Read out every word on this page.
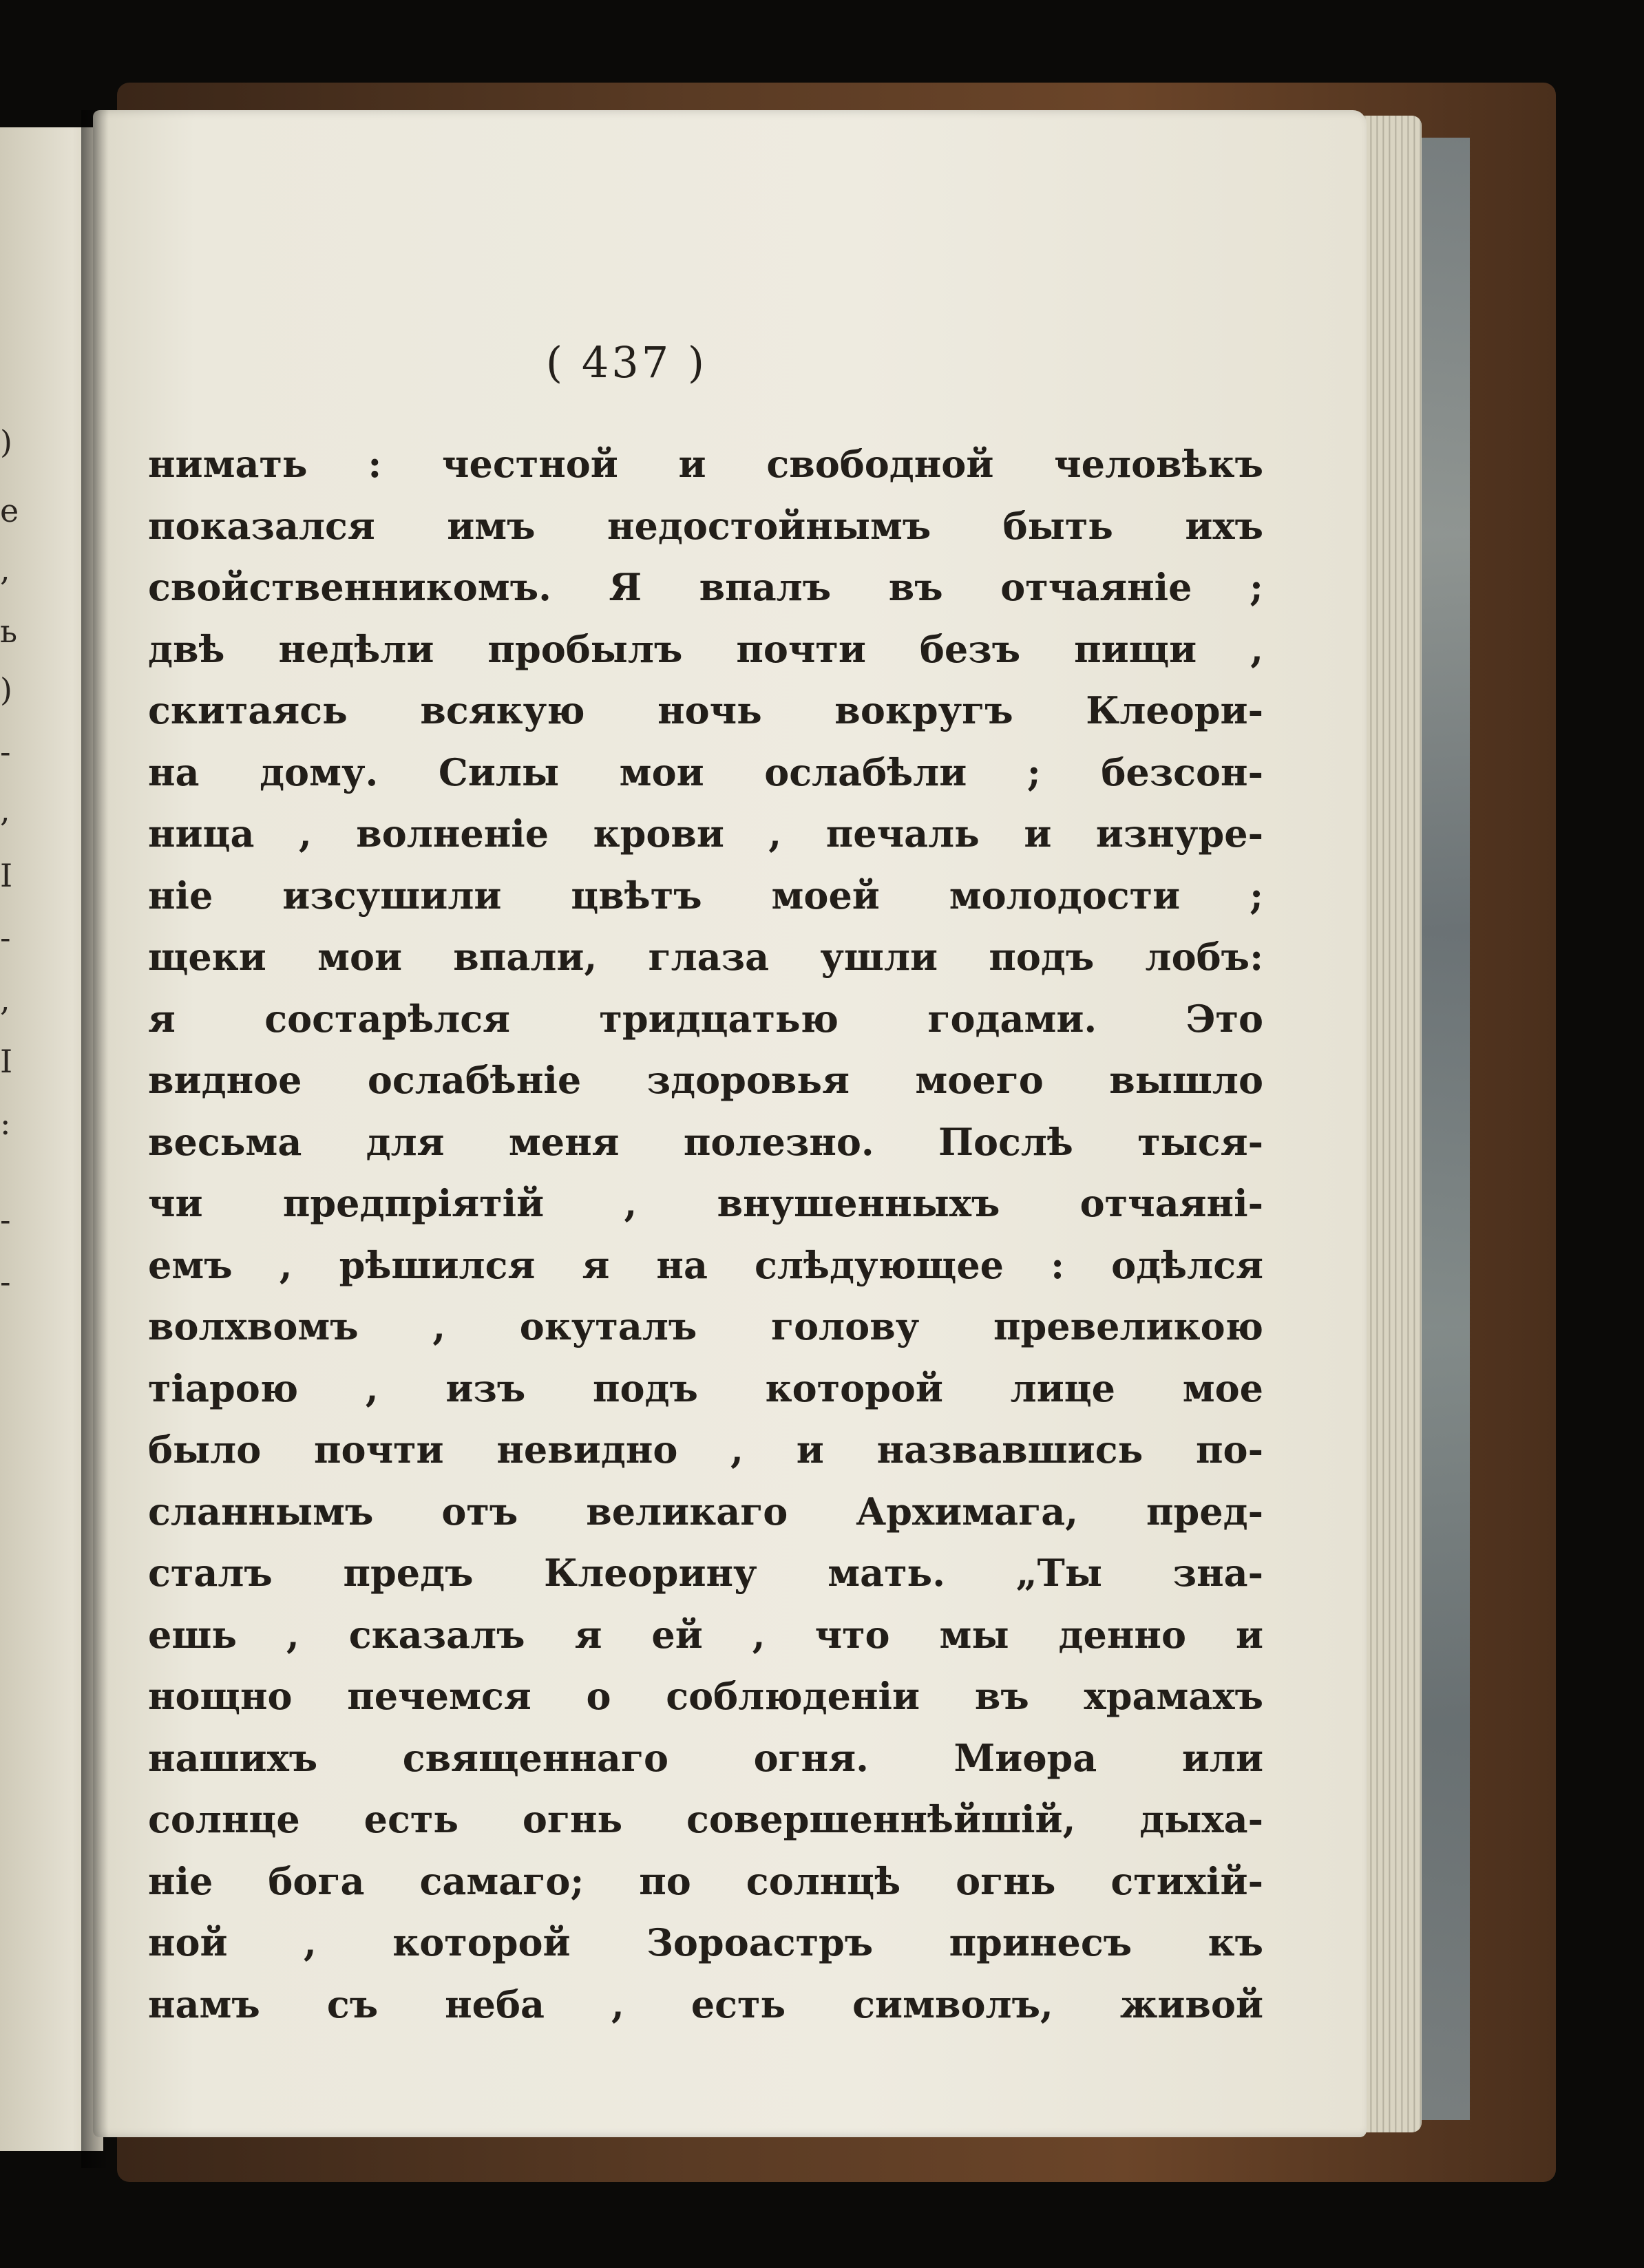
)
e
,
ь
)
-
,
I
-
,
I
:
-
-
( 437 )
нимать : честной и свободной человѣкъ
показался имъ недостойнымъ быть ихъ
свойственникомъ. Я впалъ въ отчаяніе ;
двѣ недѣли пробылъ почти безъ пищи ,
скитаясь всякую ночь вокругъ Клеори-
на дому. Силы мои ослабѣли ; безсон-
ница , волненіе крови , печаль и изнуре-
ніе изсушили цвѣтъ моей молодости ;
щеки мои впали, глаза ушли подъ лобъ:
я состарѣлся тридцатью годами. Это
видное ослабѣніе здоровья моего вышло
весьма для меня полезно. Послѣ тыся-
чи предпріятій , внушенныхъ отчаяні-
емъ , рѣшился я на слѣдующее : одѣлся
волхвомъ , окуталъ голову превеликою
тіарою , изъ подъ которой лице мое
было почти невидно , и назвавшись по-
сланнымъ отъ великаго Архимага, пред-
сталъ предъ Клеорину мать. „Ты зна-
ешь , сказалъ я ей , что мы денно и
нощно печемся о соблюденіи въ храмахъ
нашихъ священнаго огня. Миѳра или
солнце есть огнь совершеннѣйшій, дыха-
ніе бога самаго; по солнцѣ огнь стихій-
ной , которой Зороастръ принесъ къ
намъ съ неба , есть символъ, живой
